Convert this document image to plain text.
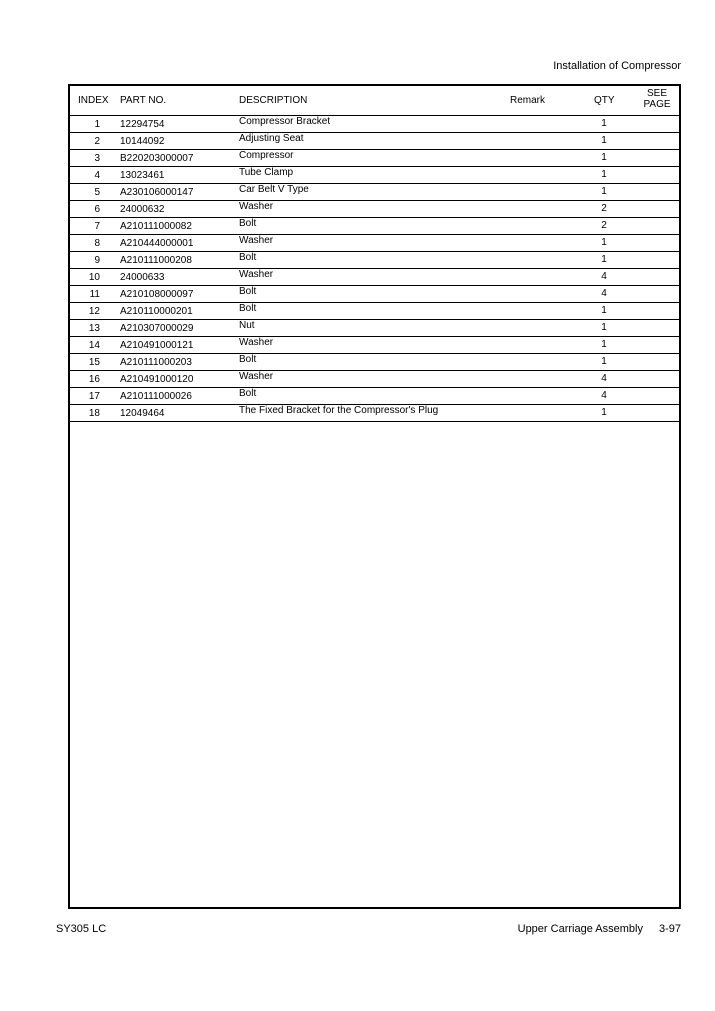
Installation of Compressor
INDEX PART NO.	DESCRIPTION	Remark	QTY
SEE
PAGE
1 12294754	Compressor Bracket	1
2 10144092	Adjusting Seat	1
3 B220203000007	Compressor	1
4 13023461	Tube Clamp	1
5 A230106000147	Car Belt V Type	1
6 24000632	Washer	2
7 A210111000082	Bolt	2
8 A210444000001	Washer	1
9 A210111000208	Bolt	1
10 24000633	Washer	4
11 A210108000097	Bolt	4
12 A210110000201	Bolt	1
13 A210307000029	Nut	1
14 A210491000121	Washer	1
15 A210111000203	Bolt	1
16 A210491000120	Washer	4
17 A210111000026	Bolt	4
18 12049464	The Fixed Bracket for the Compressor's Plug	1
SY305 LC	Upper Carriage Assembly 3-97
